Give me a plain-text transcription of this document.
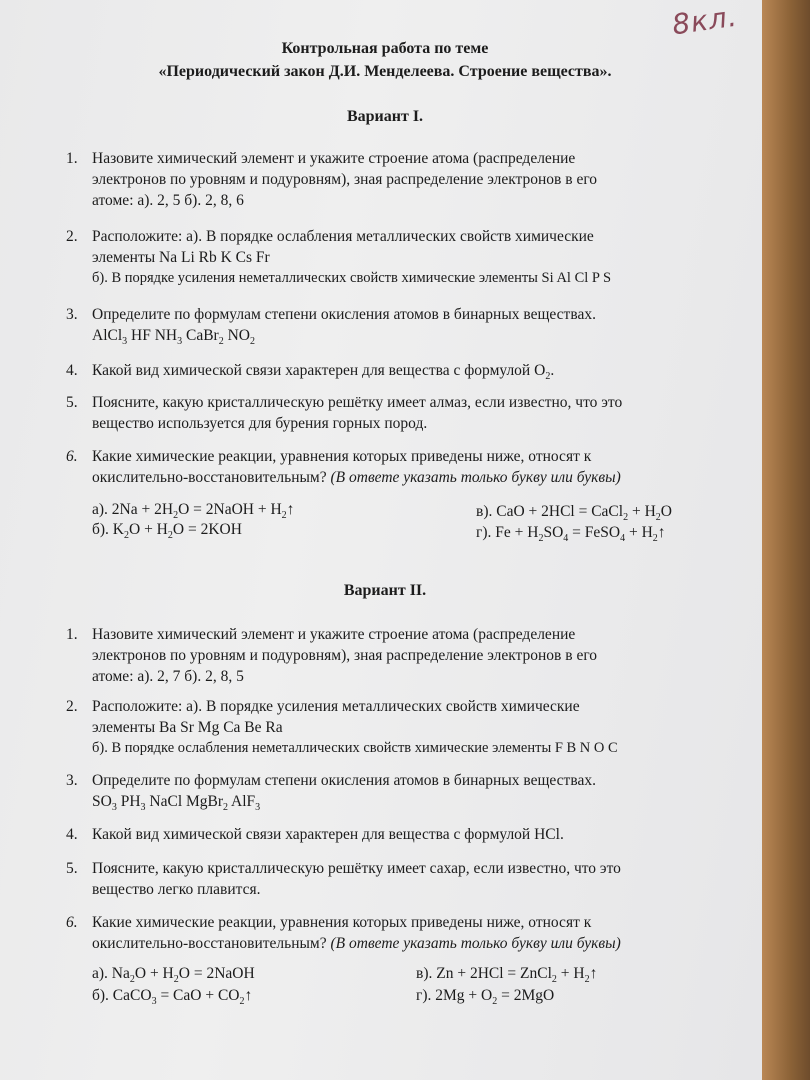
8кл.
Контрольная работа по теме
«Периодический закон Д.И. Менделеева. Строение вещества».
Вариант I.
1. Назовите химический элемент и укажите строение атома (распределение
электронов по уровням и подуровням), зная распределение электронов в его
атоме: а). 2, 5 б). 2, 8, 6
2. Расположите: а). В порядке ослабления металлических свойств химические
элементы Na Li Rb K Cs Fr
б). В порядке усиления неметаллических свойств химические элементы Si Al Cl P S
3. Определите по формулам степени окисления атомов в бинарных веществах.
AlCl$_3$ HF $NH_3$ CaBr$_2$ $NO_2$
4. Какой вид химической связи характерен для вещества с формулой $O_2$.
5. Поясните, какую кристаллическую решётку имеет алмаз, если известно, что это
вещество используется для бурения горных пород.
6. Какие химические реакции, уравнения которых приведены ниже, относят к
окислительно-восстановительным? (В ответе указать только букву или буквы)
а). $2Na + 2H_2O$ = 2NaOH + $H_2↑$
б). $K_2O + H_2O = 2KOH$
в). CaO + 2HCl = CaCl$_2$ + $H_2O$
г). $Fe + H_2SO_4$ = FeSO$_4$ + $H_2↑$
Вариант II.
1. Назовите химический элемент и укажите строение атома (распределение
электронов по уровням и подуровням), зная распределение электронов в его
атоме: а). 2, 7 б). 2, 8, 5
2. Расположите: а). В порядке усиления металлических свойств химические
элементы Ba Sr Mg Ca Be Ra
б). В порядке ослабления неметаллических свойств химические элементы F B N O C
3. Определите по формулам степени окисления атомов в бинарных веществах.
$SO_3$ $PH_3$ NaCl MgBr$_2$ AlF$_3$
4. Какой вид химической связи характерен для вещества с формулой HCl.
5. Поясните, какую кристаллическую решётку имеет сахар, если известно, что это
вещество легко плавится.
6. Какие химические реакции, уравнения которых приведены ниже, относят к
окислительно-восстановительным? (В ответе указать только букву или буквы)
а). $Na_2O + H_2O$ = 2NaOH
б). CaCO$_3$ = CaO + $CO_2↑$
в). Zn + 2HCl = ZnCl$_2$ + $H_2↑$
г). $2Mg + O_2 = 2MgO$
